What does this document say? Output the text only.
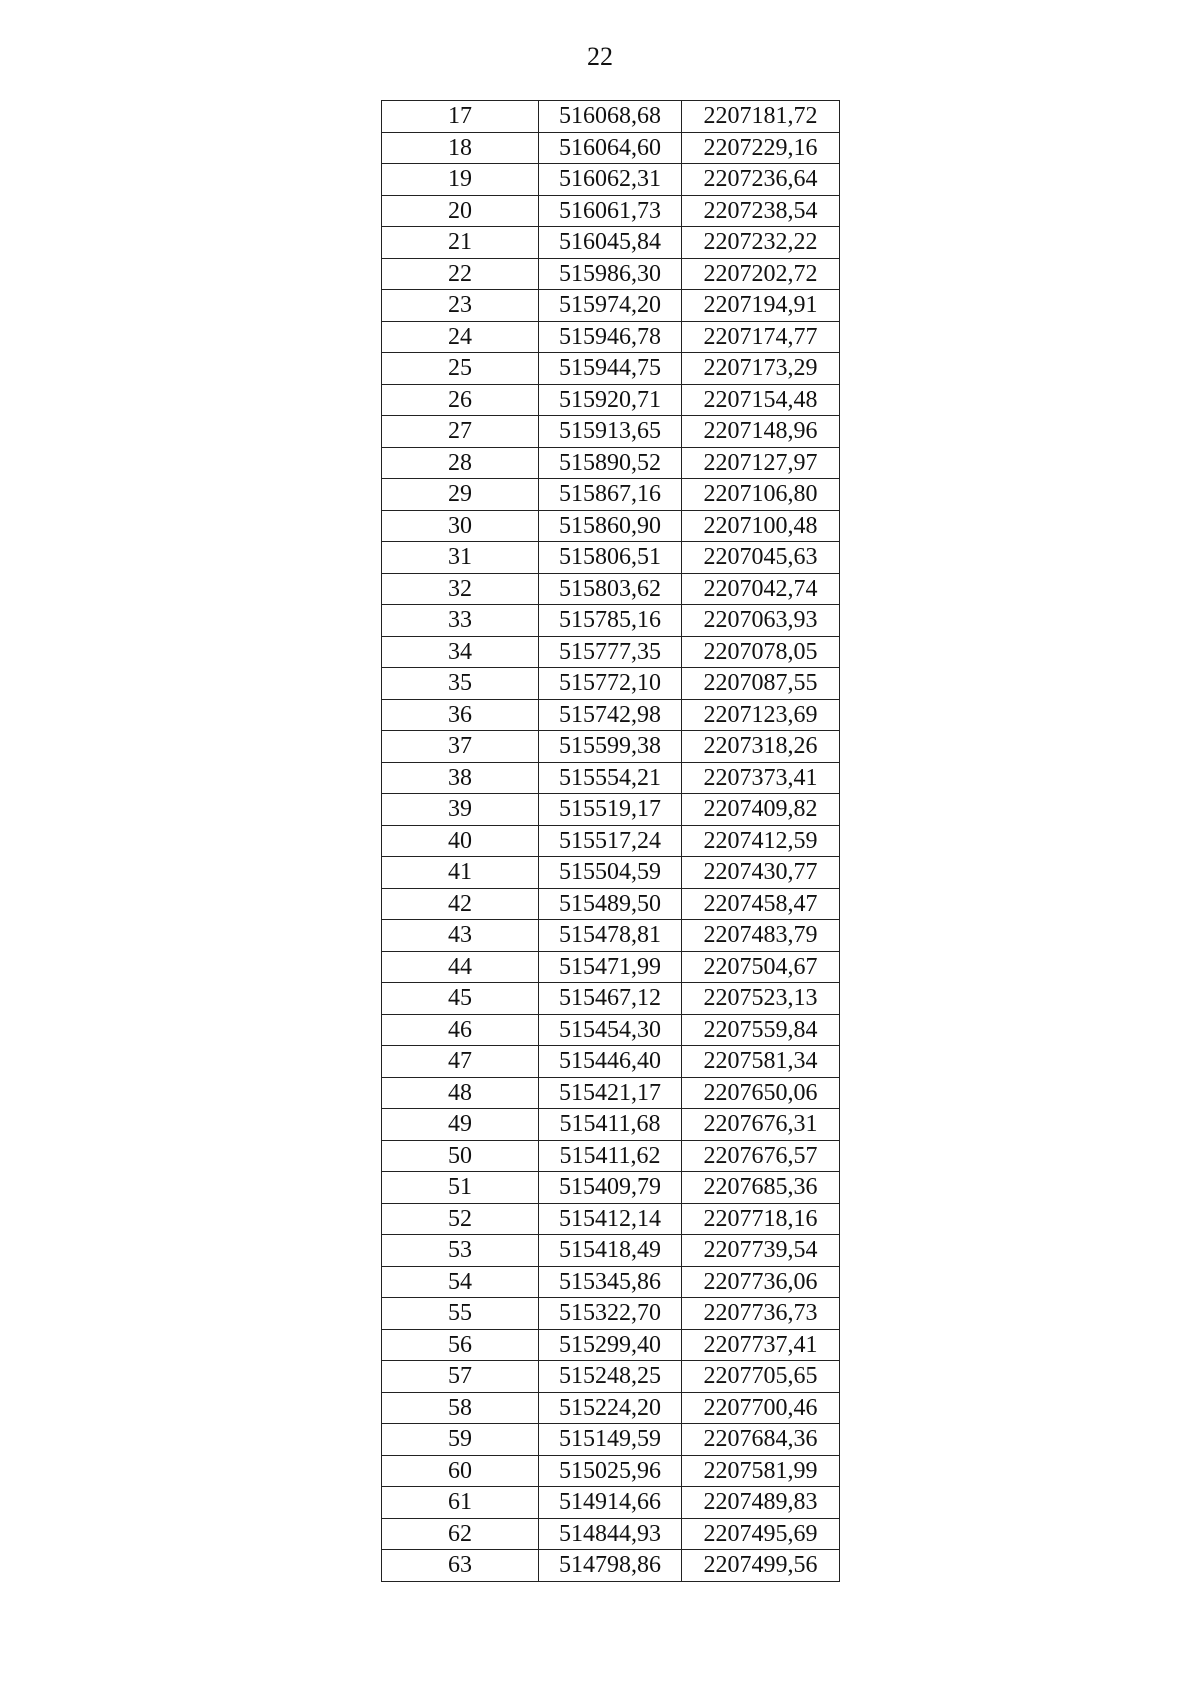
22
17	516068,68	2207181,72
18	516064,60	2207229,16
19	516062,31	2207236,64
20	516061,73	2207238,54
21	516045,84	2207232,22
22	515986,30	2207202,72
23	515974,20	2207194,91
24	515946,78	2207174,77
25	515944,75	2207173,29
26	515920,71	2207154,48
27	515913,65	2207148,96
28	515890,52	2207127,97
29	515867,16	2207106,80
30	515860,90	2207100,48
31	515806,51	2207045,63
32	515803,62	2207042,74
33	515785,16	2207063,93
34	515777,35	2207078,05
35	515772,10	2207087,55
36	515742,98	2207123,69
37	515599,38	2207318,26
38	515554,21	2207373,41
39	515519,17	2207409,82
40	515517,24	2207412,59
41	515504,59	2207430,77
42	515489,50	2207458,47
43	515478,81	2207483,79
44	515471,99	2207504,67
45	515467,12	2207523,13
46	515454,30	2207559,84
47	515446,40	2207581,34
48	515421,17	2207650,06
49	515411,68	2207676,31
50	515411,62	2207676,57
51	515409,79	2207685,36
52	515412,14	2207718,16
53	515418,49	2207739,54
54	515345,86	2207736,06
55	515322,70	2207736,73
56	515299,40	2207737,41
57	515248,25	2207705,65
58	515224,20	2207700,46
59	515149,59	2207684,36
60	515025,96	2207581,99
61	514914,66	2207489,83
62	514844,93	2207495,69
63	514798,86	2207499,56
